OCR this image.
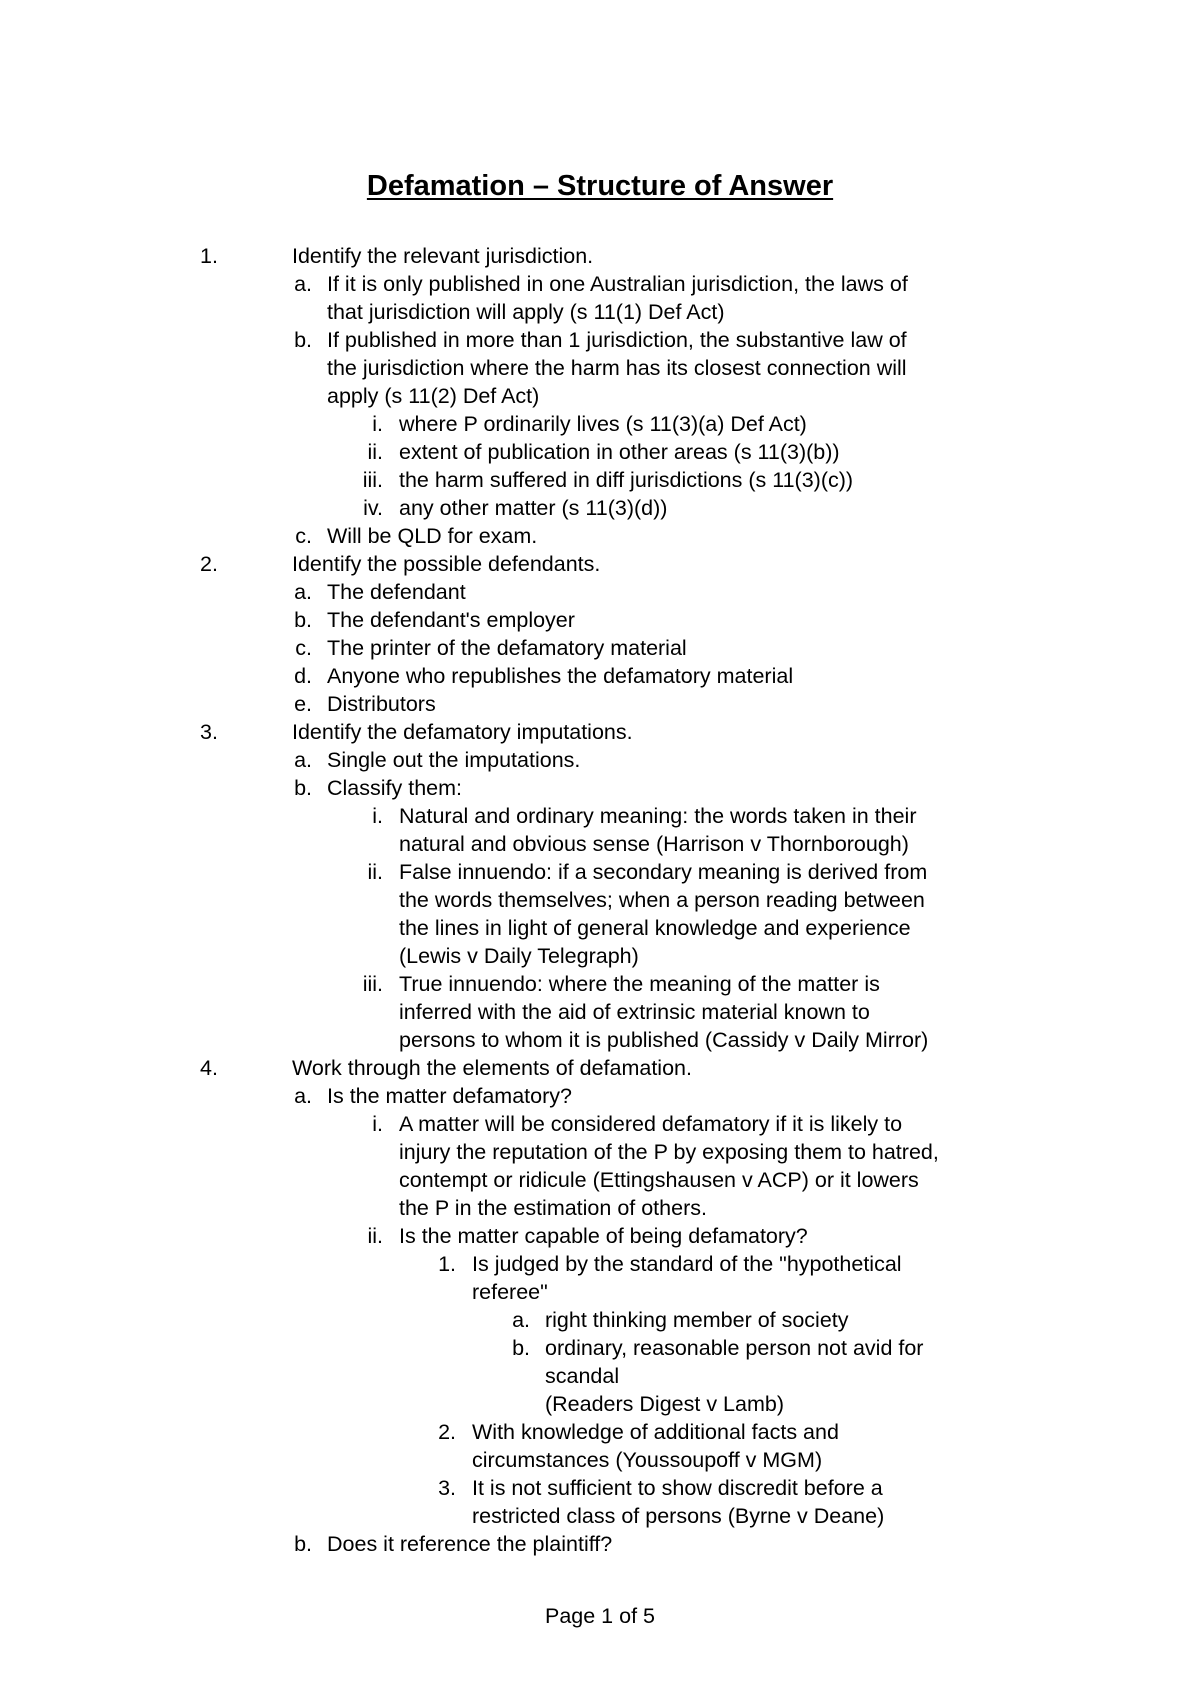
Defamation – Structure of Answer
1.	Identify the relevant jurisdiction.
a. If it is only published in one Australian jurisdiction, the laws of
that jurisdiction will apply (s 11(1) Def Act)
b. If published in more than 1 jurisdiction, the substantive law of
the jurisdiction where the harm has its closest connection will
apply (s 11(2) Def Act)
i. where P ordinarily lives (s 11(3)(a) Def Act)
ii. extent of publication in other areas (s 11(3)(b))
iii. the harm suffered in diff jurisdictions (s 11(3)(c))
iv. any other matter (s 11(3)(d))
c. Will be QLD for exam.
2.	Identify the possible defendants.
a. The defendant
b. The defendant's employer
c. The printer of the defamatory material
d. Anyone who republishes the defamatory material
e. Distributors
3.	Identify the defamatory imputations.
a. Single out the imputations.
b. Classify them:
i. Natural and ordinary meaning: the words taken in their
natural and obvious sense (Harrison v Thornborough)
ii. False innuendo: if a secondary meaning is derived from
the words themselves; when a person reading between
the lines in light of general knowledge and experience
(Lewis v Daily Telegraph)
iii. True innuendo: where the meaning of the matter is
inferred with the aid of extrinsic material known to
persons to whom it is published (Cassidy v Daily Mirror)
4.	Work through the elements of defamation.
a. Is the matter defamatory?
i. A matter will be considered defamatory if it is likely to
injury the reputation of the P by exposing them to hatred,
contempt or ridicule (Ettingshausen v ACP) or it lowers
the P in the estimation of others.
ii. Is the matter capable of being defamatory?
1. Is judged by the standard of the "hypothetical
referee"
a. right thinking member of society
b. ordinary, reasonable person not avid for
scandal
(Readers Digest v Lamb)
2. With knowledge of additional facts and
circumstances (Youssoupoff v MGM)
3. It is not sufficient to show discredit before a
restricted class of persons (Byrne v Deane)
b. Does it reference the plaintiff?
Page 1 of 5
